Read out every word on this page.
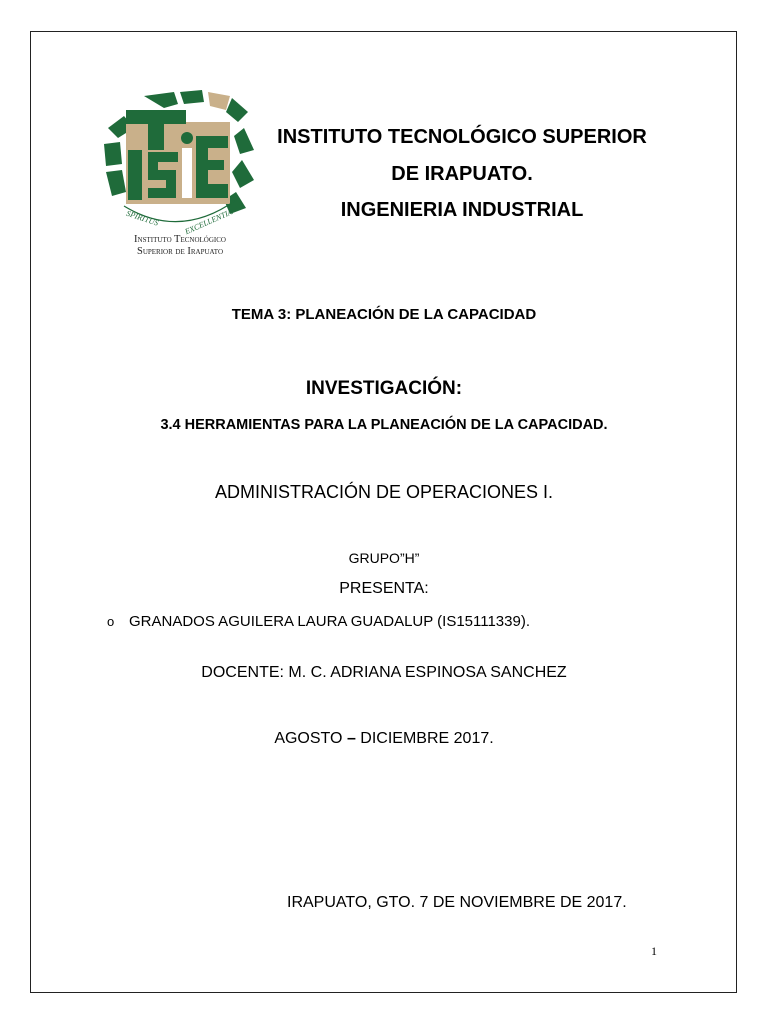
SPIRITUS	EXCELLENTIA
Instituto Tecnológico
Superior de Irapuato
INSTITUTO TECNOLÓGICO SUPERIOR
DE IRAPUATO.
INGENIERIA INDUSTRIAL
TEMA 3: PLANEACIÓN DE LA CAPACIDAD
INVESTIGACIÓN:
3.4 HERRAMIENTAS PARA LA PLANEACIÓN DE LA CAPACIDAD.
ADMINISTRACIÓN DE OPERACIONES I.
GRUPO”H”
PRESENTA:
o GRANADOS AGUILERA LAURA GUADALUP (IS15111339).
DOCENTE: M. C. ADRIANA ESPINOSA SANCHEZ
AGOSTO – DICIEMBRE 2017.
IRAPUATO, GTO. 7 DE NOVIEMBRE DE 2017.
1
